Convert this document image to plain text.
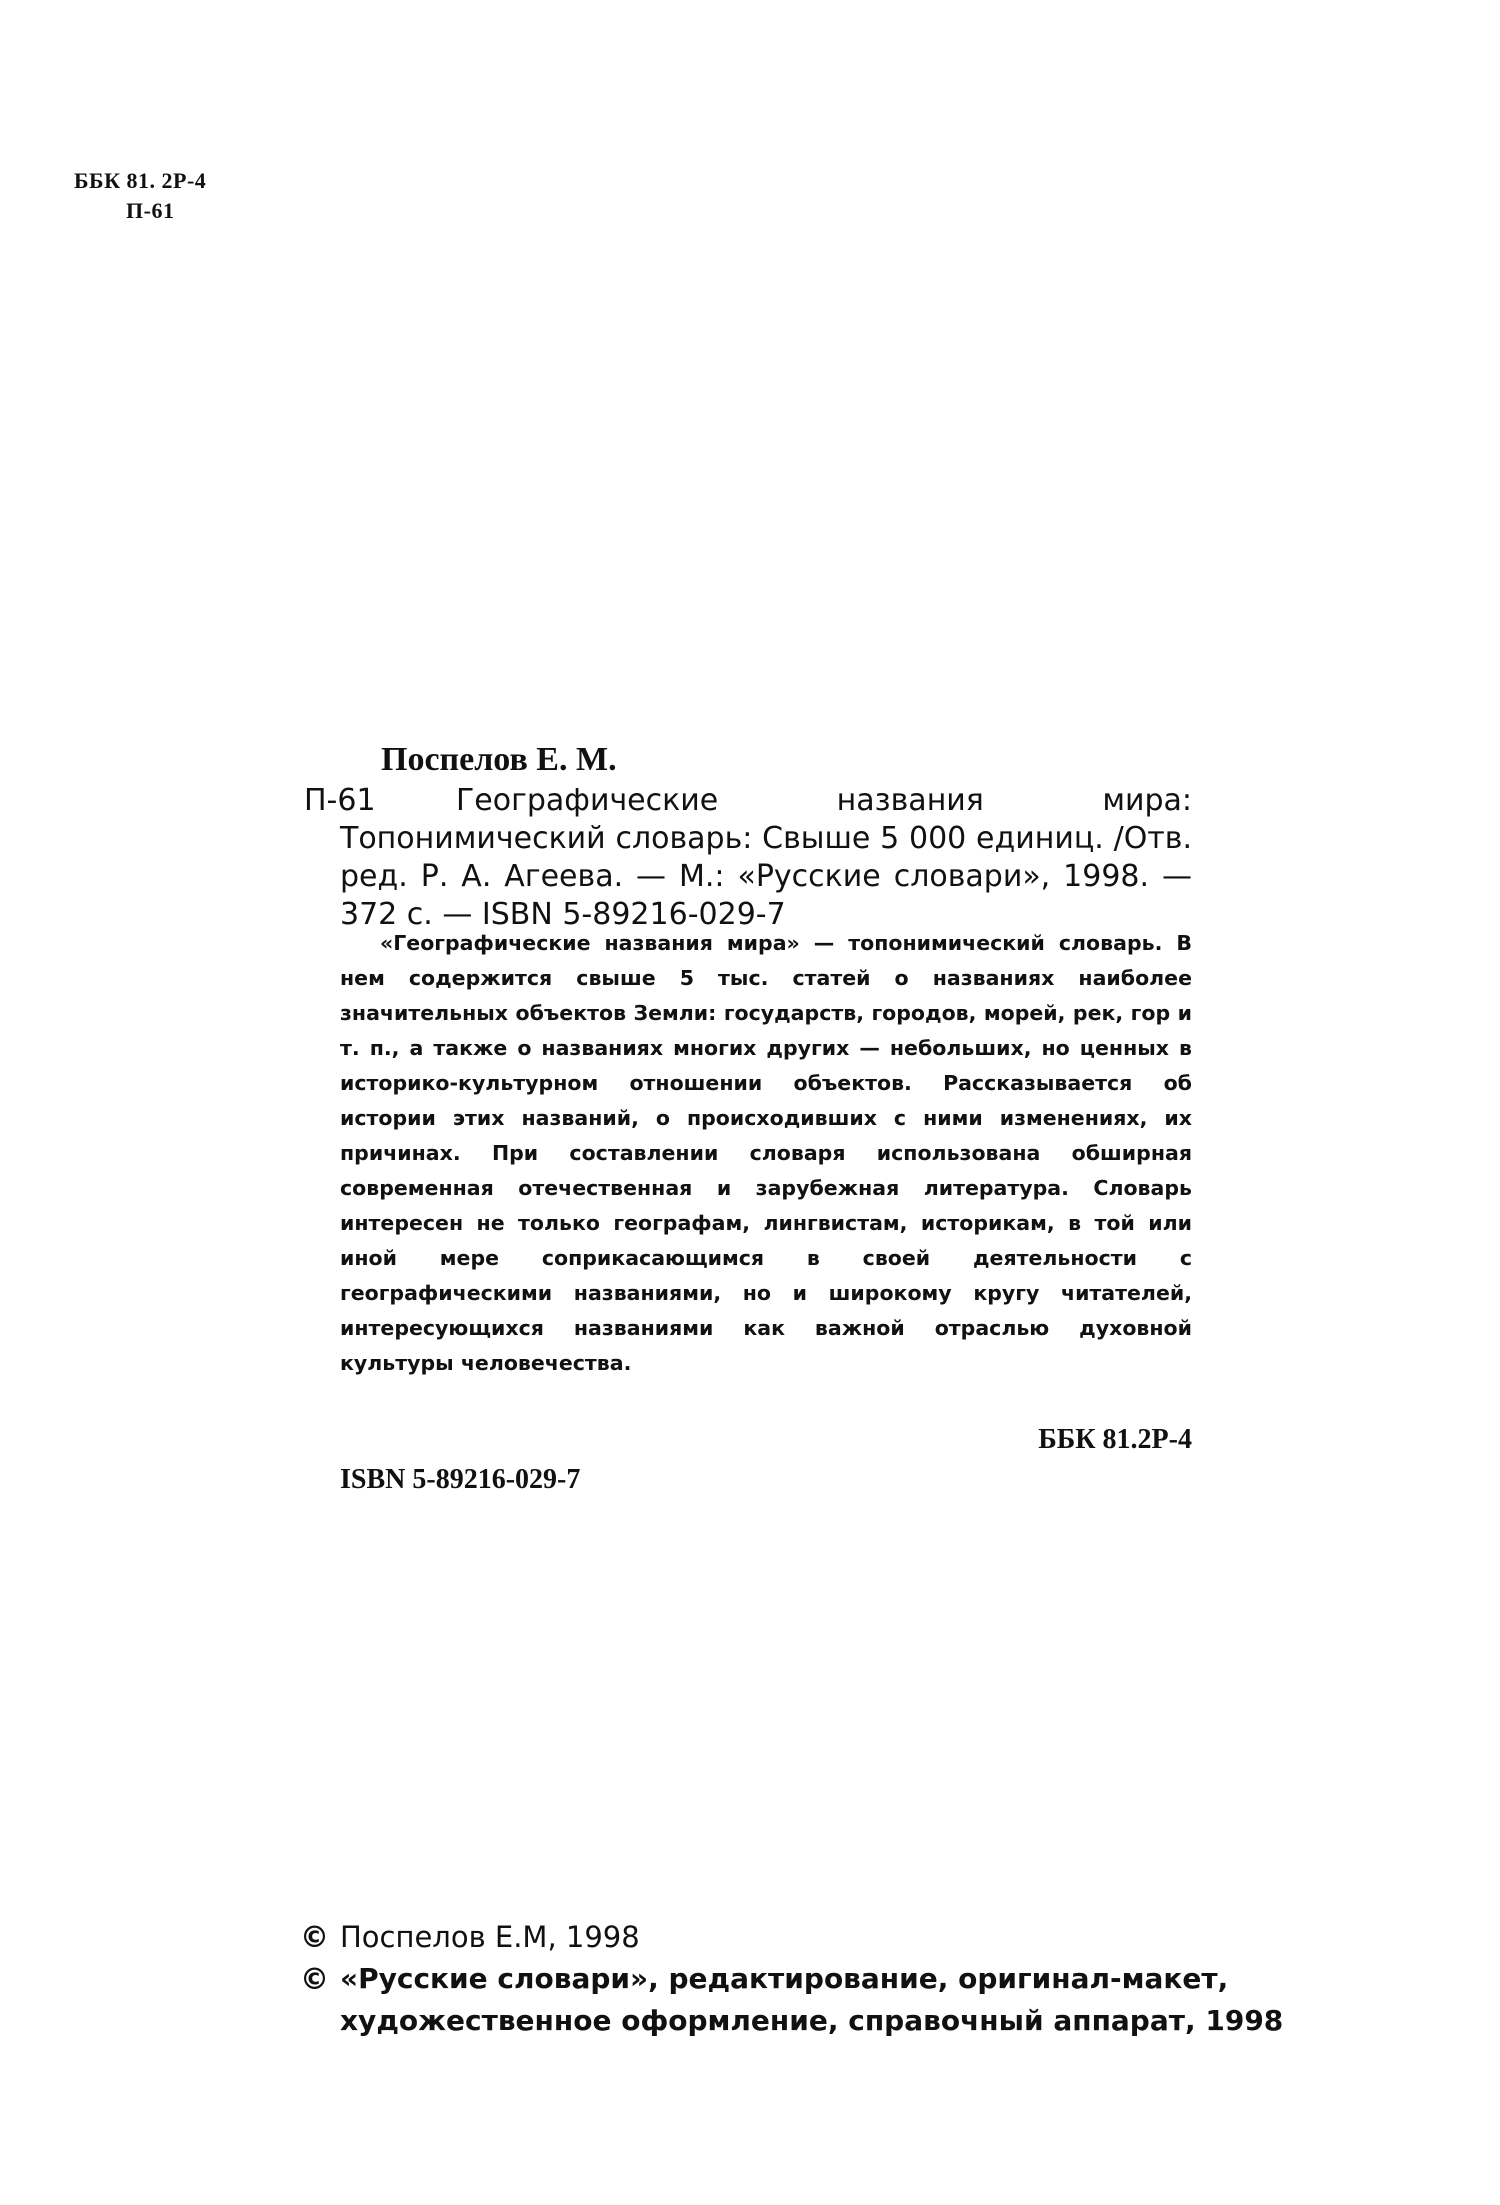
ББК 81. 2Р-4
П-61
Поспелов Е. М.
П-61	Географические названия мира: Топонимический словарь: Свыше 5 000 единиц. /Отв. ред. Р. А. Агеева. — М.: «Русские словари», 1998. — 372 с. — ISBN 5-89216-029-7
«Географические названия мира» — топонимический словарь. В нем содержится свыше 5 тыс. статей о названиях наиболее значительных объектов Земли: государств, городов, морей, рек, гор и т. п., а также о названиях многих других — небольших, но ценных в историко-культурном отношении объектов. Рассказывается об истории этих названий, о происходивших с ними изменениях, их причинах. При составлении словаря использована обширная современная отечественная и зарубежная литература. Словарь интересен не только географам, лингвистам, историкам, в той или иной мере соприкасающимся в своей деятельности с географическими названиями, но и широкому кругу читателей, интересующихся названиями как важной отраслью духовной культуры человечества.
ББК 81.2Р-4
ISBN 5-89216-029-7
© Поспелов Е.М, 1998
© «Русские словари», редактирование, оригинал-макет, художественное оформление, справочный аппарат, 1998
